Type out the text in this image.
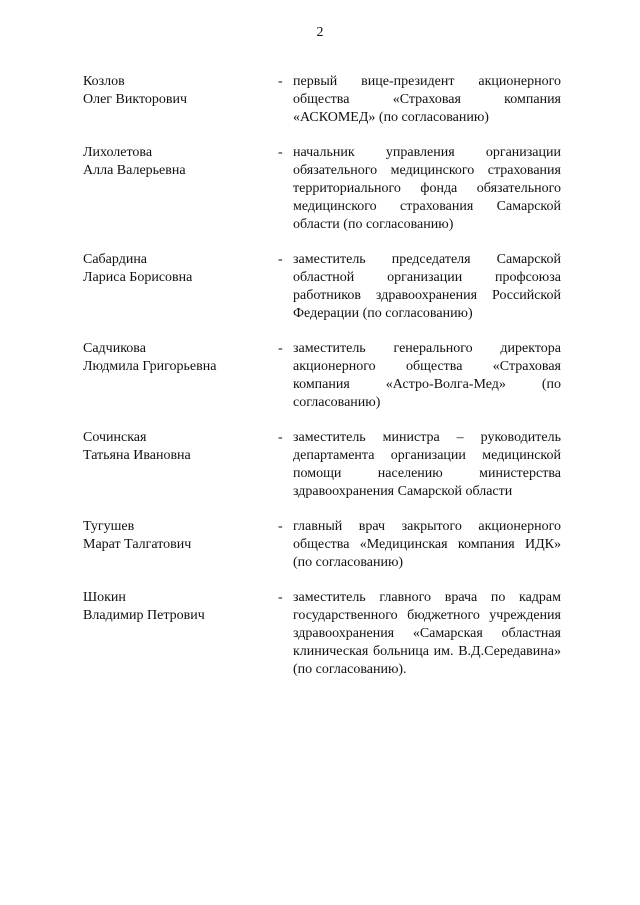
2
Козлов
Олег Викторович
- первый вице-президент акционерного общества «Страховая компания «АСКОМЕД» (по согласованию)
Лихолетова
Алла Валерьевна
- начальник управления организации обязательного медицинского страхования территориального фонда обязательного медицинского страхования Самарской области (по согласованию)
Сабардина
Лариса Борисовна
- заместитель председателя Самарской областной организации профсоюза работников здравоохранения Российской Федерации (по согласованию)
Садчикова
Людмила Григорьевна
- заместитель генерального директора акционерного общества «Страховая компания «Астро-Волга-Мед» (по согласованию)
Сочинская
Татьяна Ивановна
- заместитель министра – руководитель департамента организации медицинской помощи населению министерства здравоохранения Самарской области
Тугушев
Марат Талгатович
- главный врач закрытого акционерного общества «Медицинская компания ИДК» (по согласованию)
Шокин
Владимир Петрович
- заместитель главного врача по кадрам государственного бюджетного учреждения здравоохранения «Самарская областная клиническая больница им. В.Д.Середавина» (по согласованию).
